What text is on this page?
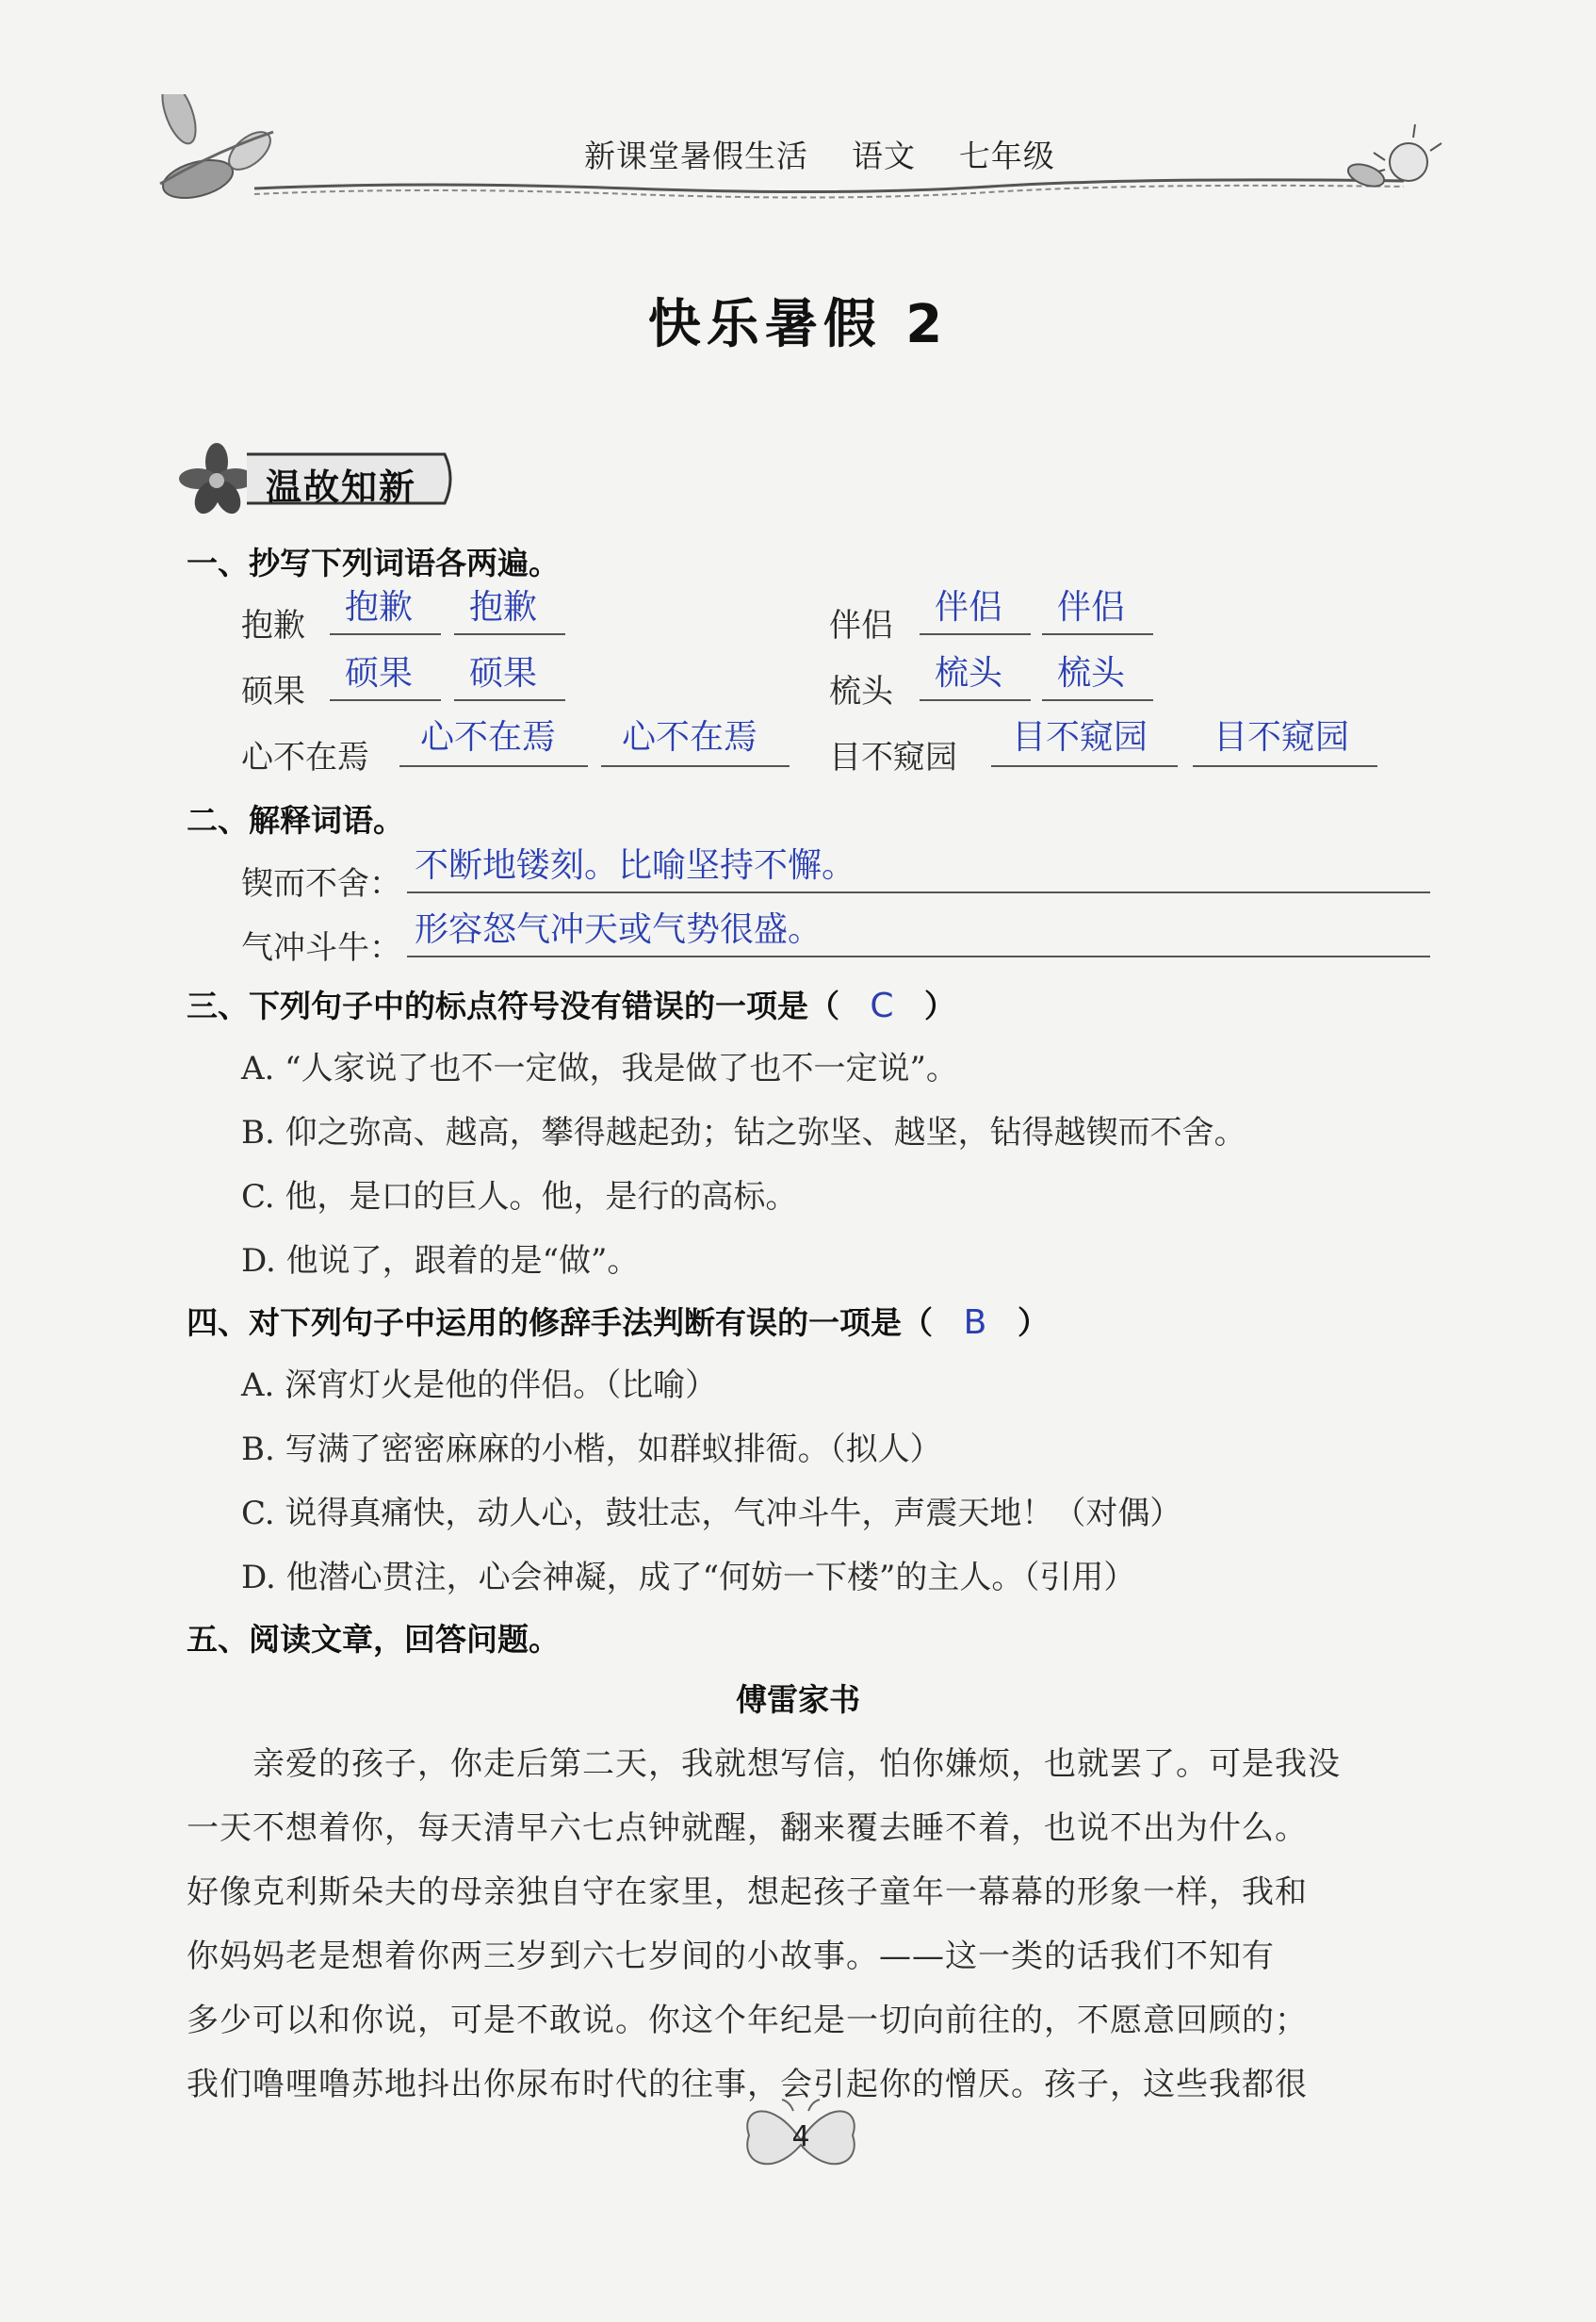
新课堂暑假生活    语文    七年级
快乐暑假 2
温故知新
一、抄写下列词语各两遍。
抱歉 抱歉 抱歉	伴侣 伴侣 伴侣
硕果 硕果 硕果	梳头 梳头 梳头
心不在焉
心不在焉 心不在焉
目不窥园
目不窥园 目不窥园
二、解释词语。
锲而不舍： 不断地镂刻。比喻坚持不懈。
气冲斗牛： 形容怒气冲天或气势很盛。
三、下列句子中的标点符号没有错误的一项是（ C ）
A. “人家说了也不一定做，我是做了也不一定说”。
B. 仰之弥高、越高，攀得越起劲；钻之弥坚、越坚，钻得越锲而不舍。
C. 他，是口的巨人。他，是行的高标。
D. 他说了，跟着的是“做”。
四、对下列句子中运用的修辞手法判断有误的一项是（ B ）
A. 深宵灯火是他的伴侣。（比喻）
B. 写满了密密麻麻的小楷，如群蚁排衙。（拟人）
C. 说得真痛快，动人心，鼓壮志，气冲斗牛，声震天地！（对偶）
D. 他潜心贯注，心会神凝，成了“何妨一下楼”的主人。（引用）
五、阅读文章，回答问题。
傅雷家书
　　亲爱的孩子，你走后第二天，我就想写信，怕你嫌烦，也就罢了。可是我没
一天不想着你，每天清早六七点钟就醒，翻来覆去睡不着，也说不出为什么。
好像克利斯朵夫的母亲独自守在家里，想起孩子童年一幕幕的形象一样，我和
你妈妈老是想着你两三岁到六七岁间的小故事。——这一类的话我们不知有
多少可以和你说，可是不敢说。你这个年纪是一切向前往的，不愿意回顾的；
我们噜哩噜苏地抖出你尿布时代的往事，会引起你的憎厌。孩子，这些我都很
4
